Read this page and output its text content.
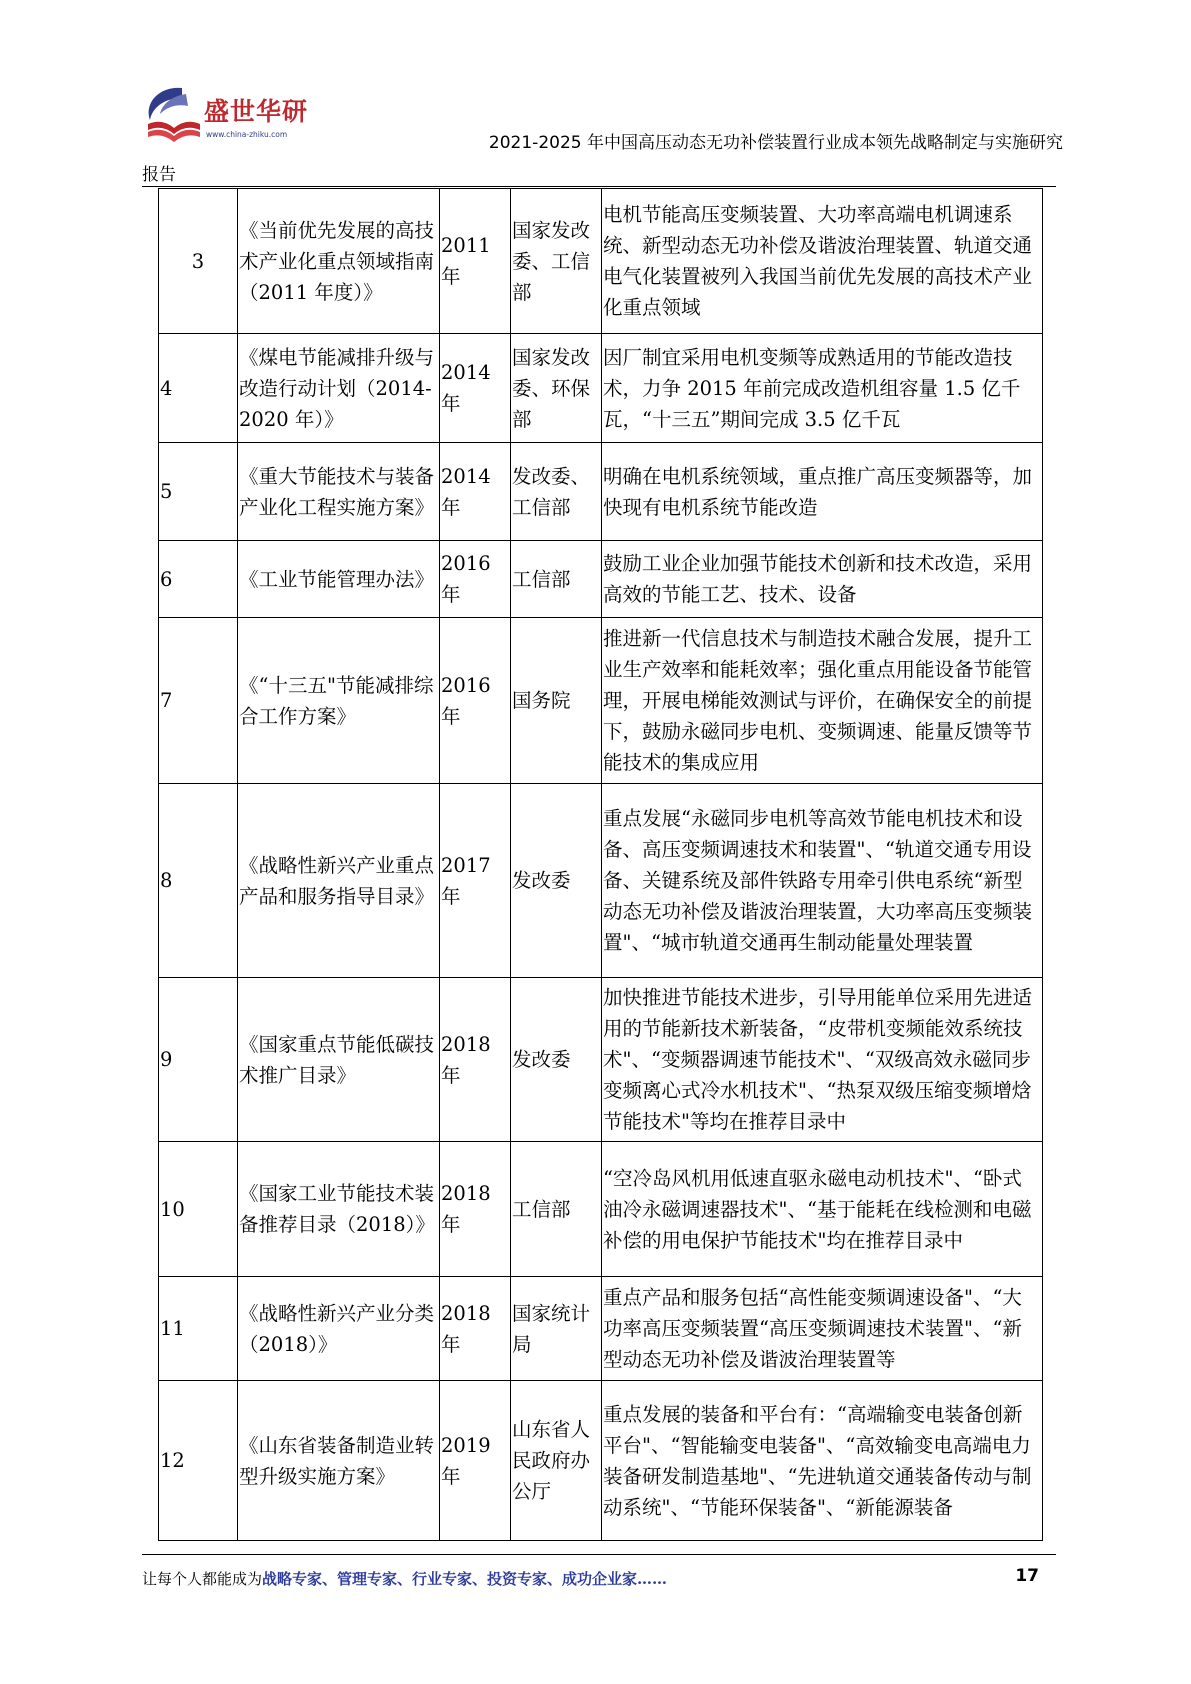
盛世华研
www.china-zhiku.com	2021-2025 年中国高压动态无功补偿装置行业成本领先战略制定与实施研究
报告
3	《当前优先发展的高技术产业化重点领域指南（2011 年度）》	2011 年	国家发改委、工信部	电机节能高压变频装置、大功率高端电机调速系统、新型动态无功补偿及谐波治理装置、轨道交通电气化装置被列入我国当前优先发展的高技术产业化重点领域
4	《煤电节能减排升级与改造行动计划（2014-2020 年）》	2014 年	国家发改委、环保部	因厂制宜采用电机变频等成熟适用的节能改造技术，力争 2015 年前完成改造机组容量 1.5 亿千瓦，“十三五”期间完成 3.5 亿千瓦
5	《重大节能技术与装备产业化工程实施方案》	2014 年	发改委、工信部	明确在电机系统领域，重点推广高压变频器等，加快现有电机系统节能改造
6	《工业节能管理办法》	2016 年	工信部	鼓励工业企业加强节能技术创新和技术改造，采用高效的节能工艺、技术、设备
7	《“十三五"节能减排综合工作方案》	2016 年	国务院	推进新一代信息技术与制造技术融合发展，提升工业生产效率和能耗效率；强化重点用能设备节能管理，开展电梯能效测试与评价，在确保安全的前提下，鼓励永磁同步电机、变频调速、能量反馈等节能技术的集成应用
8	《战略性新兴产业重点产品和服务指导目录》	2017 年	发改委	重点发展“永磁同步电机等高效节能电机技术和设备、高压变频调速技术和装置"、“轨道交通专用设备、关键系统及部件铁路专用牵引供电系统“新型动态无功补偿及谐波治理装置，大功率高压变频装置"、“城市轨道交通再生制动能量处理装置
9	《国家重点节能低碳技术推广目录》	2018 年	发改委	加快推进节能技术进步，引导用能单位采用先进适用的节能新技术新装备，“皮带机变频能效系统技术"、“变频器调速节能技术"、“双级高效永磁同步变频离心式冷水机技术"、“热泵双级压缩变频增焓节能技术"等均在推荐目录中
10	《国家工业节能技术装备推荐目录（2018）》	2018 年	工信部	“空冷岛风机用低速直驱永磁电动机技术"、“卧式油冷永磁调速器技术"、“基于能耗在线检测和电磁补偿的用电保护节能技术"均在推荐目录中
11	《战略性新兴产业分类（2018）》	2018 年	国家统计局	重点产品和服务包括“高性能变频调速设备"、“大功率高压变频装置“高压变频调速技术装置"、“新型动态无功补偿及谐波治理装置等
12	《山东省装备制造业转型升级实施方案》	2019 年	山东省人民政府办公厅	重点发展的装备和平台有：“高端输变电装备创新平台"、“智能输变电装备"、“高效输变电高端电力装备研发制造基地"、“先进轨道交通装备传动与制动系统"、“节能环保装备"、“新能源装备
让每个人都能成为战略专家、管理专家、行业专家、投资专家、成功企业家……	17
